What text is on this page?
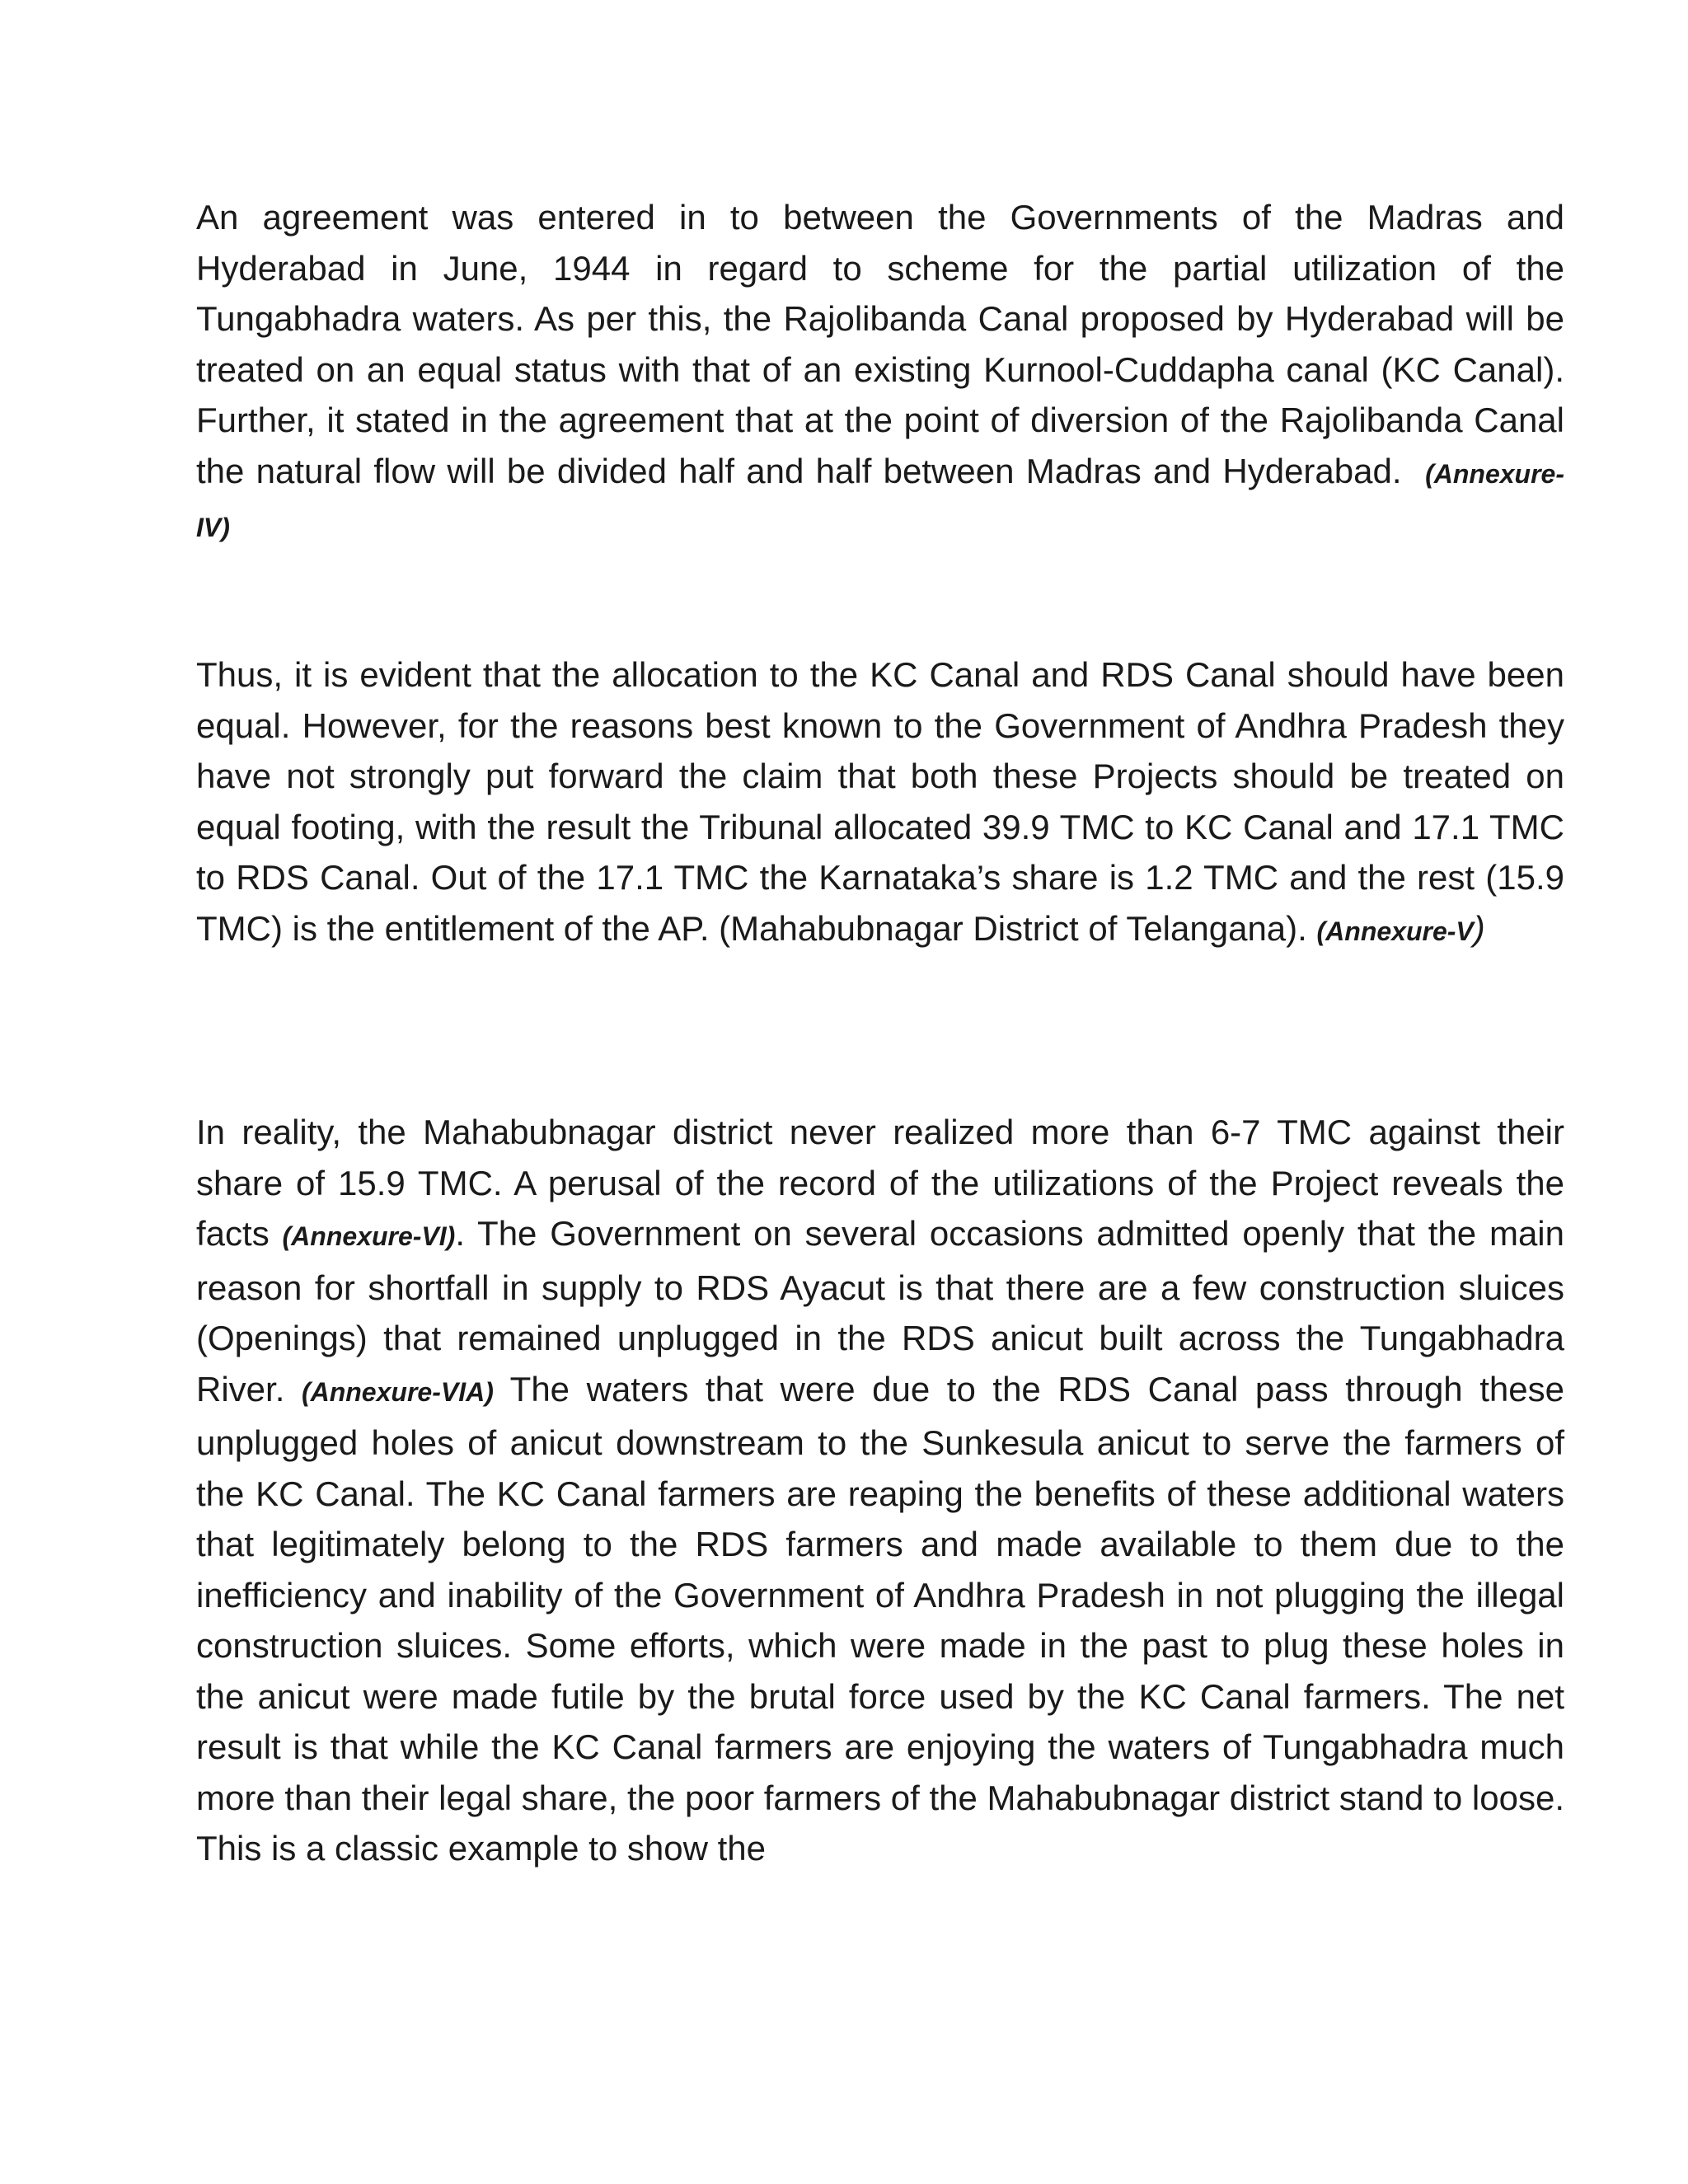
An agreement was entered in to between the Governments of the Madras and Hyderabad in June, 1944 in regard to scheme for the partial utilization of the Tungabhadra waters. As per this, the Rajolibanda Canal proposed by Hyderabad will be treated on an equal status with that of an existing Kurnool-Cuddapha canal (KC Canal). Further, it stated in the agreement that at the point of diversion of the Rajolibanda Canal the natural flow will be divided half and half between Madras and Hyderabad. (Annexure-IV)

Thus, it is evident that the allocation to the KC Canal and RDS Canal should have been equal. However, for the reasons best known to the Government of Andhra Pradesh they have not strongly put forward the claim that both these Projects should be treated on equal footing, with the result the Tribunal allocated 39.9 TMC to KC Canal and 17.1 TMC to RDS Canal. Out of the 17.1 TMC the Karnataka’s share is 1.2 TMC and the rest (15.9 TMC) is the entitlement of the AP. (Mahabubnagar District of Telangana). (Annexure-V)

In reality, the Mahabubnagar district never realized more than 6-7 TMC against their share of 15.9 TMC. A perusal of the record of the utilizations of the Project reveals the facts (Annexure-VI). The Government on several occasions admitted openly that the main reason for shortfall in supply to RDS Ayacut is that there are a few construction sluices (Openings) that remained unplugged in the RDS anicut built across the Tungabhadra River. (Annexure-VIA) The waters that were due to the RDS Canal pass through these unplugged holes of anicut downstream to the Sunkesula anicut to serve the farmers of the KC Canal. The KC Canal farmers are reaping the benefits of these additional waters that legitimately belong to the RDS farmers and made available to them due to the inefficiency and inability of the Government of Andhra Pradesh in not plugging the illegal construction sluices. Some efforts, which were made in the past to plug these holes in the anicut were made futile by the brutal force used by the KC Canal farmers. The net result is that while the KC Canal farmers are enjoying the waters of Tungabhadra much more than their legal share, the poor farmers of the Mahabubnagar district stand to loose. This is a classic example to show the
